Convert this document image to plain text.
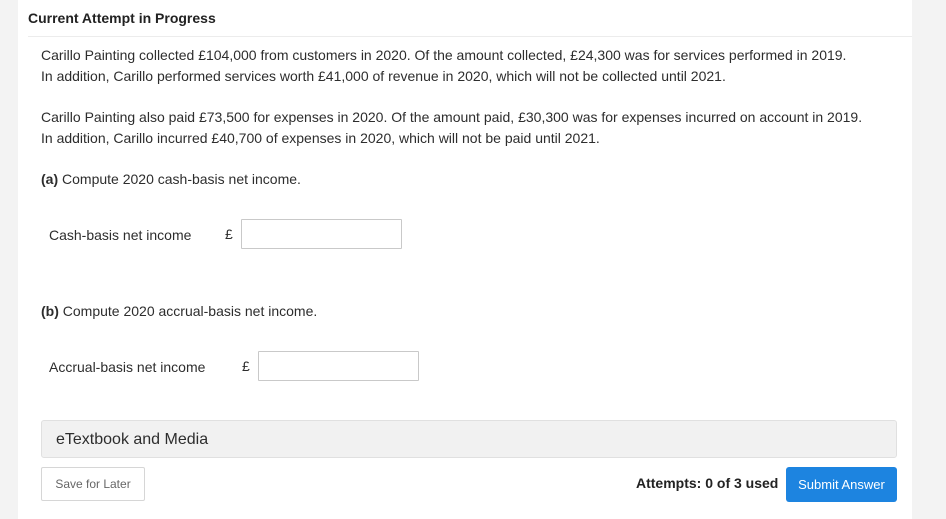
Current Attempt in Progress
Carillo Painting collected £104,000 from customers in 2020. Of the amount collected, £24,300 was for services performed in 2019.
In addition, Carillo performed services worth £41,000 of revenue in 2020, which will not be collected until 2021.
Carillo Painting also paid £73,500 for expenses in 2020. Of the amount paid, £30,300 was for expenses incurred on account in 2019.
In addition, Carillo incurred £40,700 of expenses in 2020, which will not be paid until 2021.
(a) Compute 2020 cash-basis net income.
Cash-basis net income £
(b) Compute 2020 accrual-basis net income.
Accrual-basis net income	£
eTextbook and Media
Save for Later	Attempts: 0 of 3 used	Submit Answer
